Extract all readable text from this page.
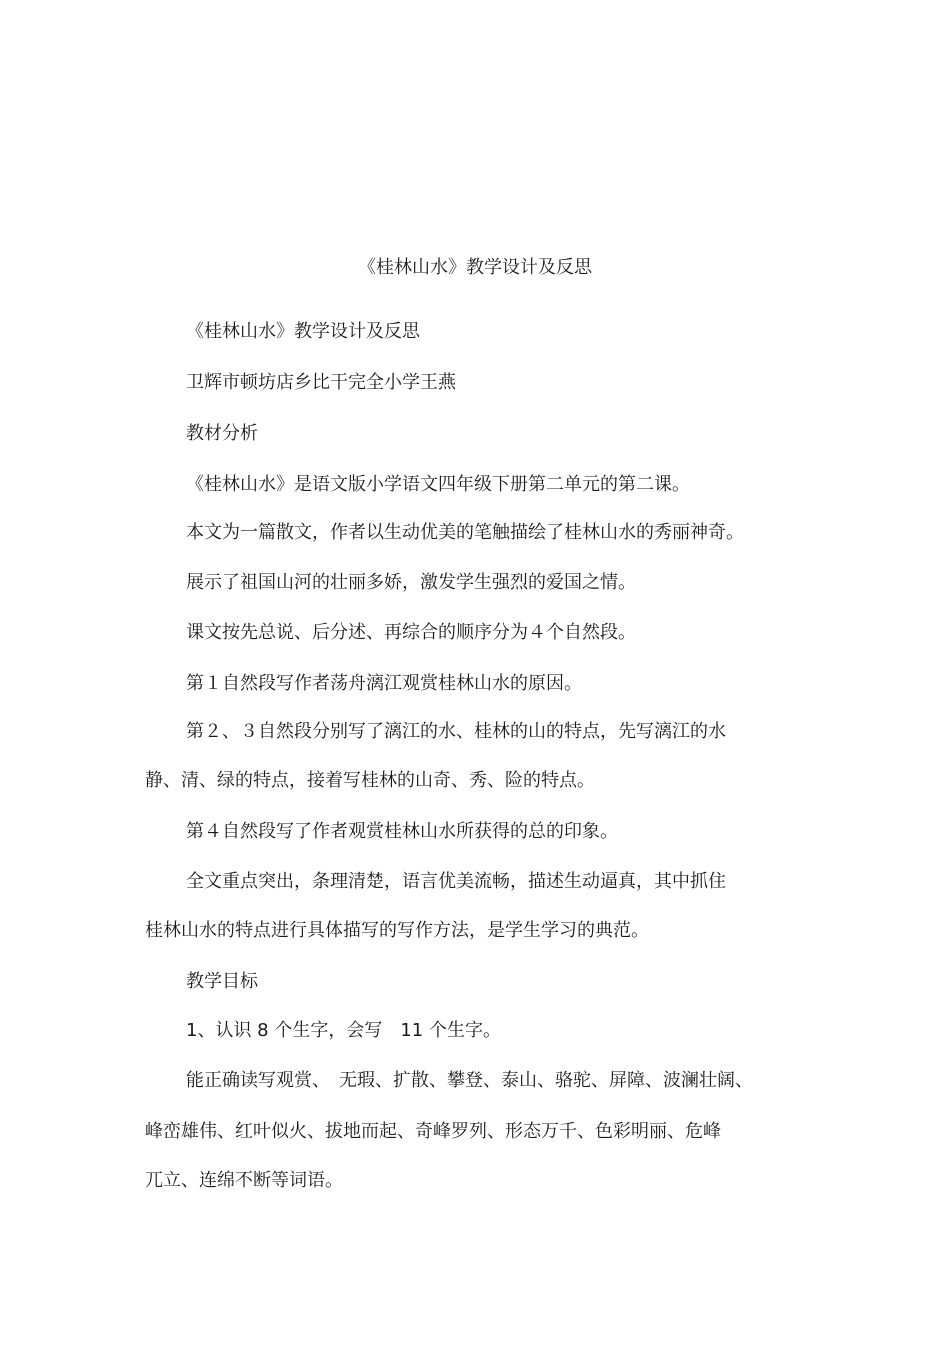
《桂林山水》教学设计及反思
《桂林山水》教学设计及反思
卫辉市顿坊店乡比干完全小学王燕
教材分析
《桂林山水》是语文版小学语文四年级下册第二单元的第二课。
本文为一篇散文，作者以生动优美的笔触描绘了桂林山水的秀丽神奇。
展示了祖国山河的壮丽多娇，激发学生强烈的爱国之情。
课文按先总说、后分述、再综合的顺序分为４个自然段。
第１自然段写作者荡舟漓江观赏桂林山水的原因。
第２、３自然段分别写了漓江的水、桂林的山的特点，先写漓江的水
静、清、绿的特点，接着写桂林的山奇、秀、险的特点。
第４自然段写了作者观赏桂林山水所获得的总的印象。
全文重点突出，条理清楚，语言优美流畅，描述生动逼真，其中抓住
桂林山水的特点进行具体描写的写作方法，是学生学习的典范。
教学目标
1、认识 8 个生字，会写　11 个生字。
能正确读写观赏、　无瑕、扩散、攀登、泰山、骆驼、屏障、波澜壮阔、
峰峦雄伟、红叶似火、拔地而起、奇峰罗列、形态万千、色彩明丽、危峰
兀立、连绵不断等词语。
